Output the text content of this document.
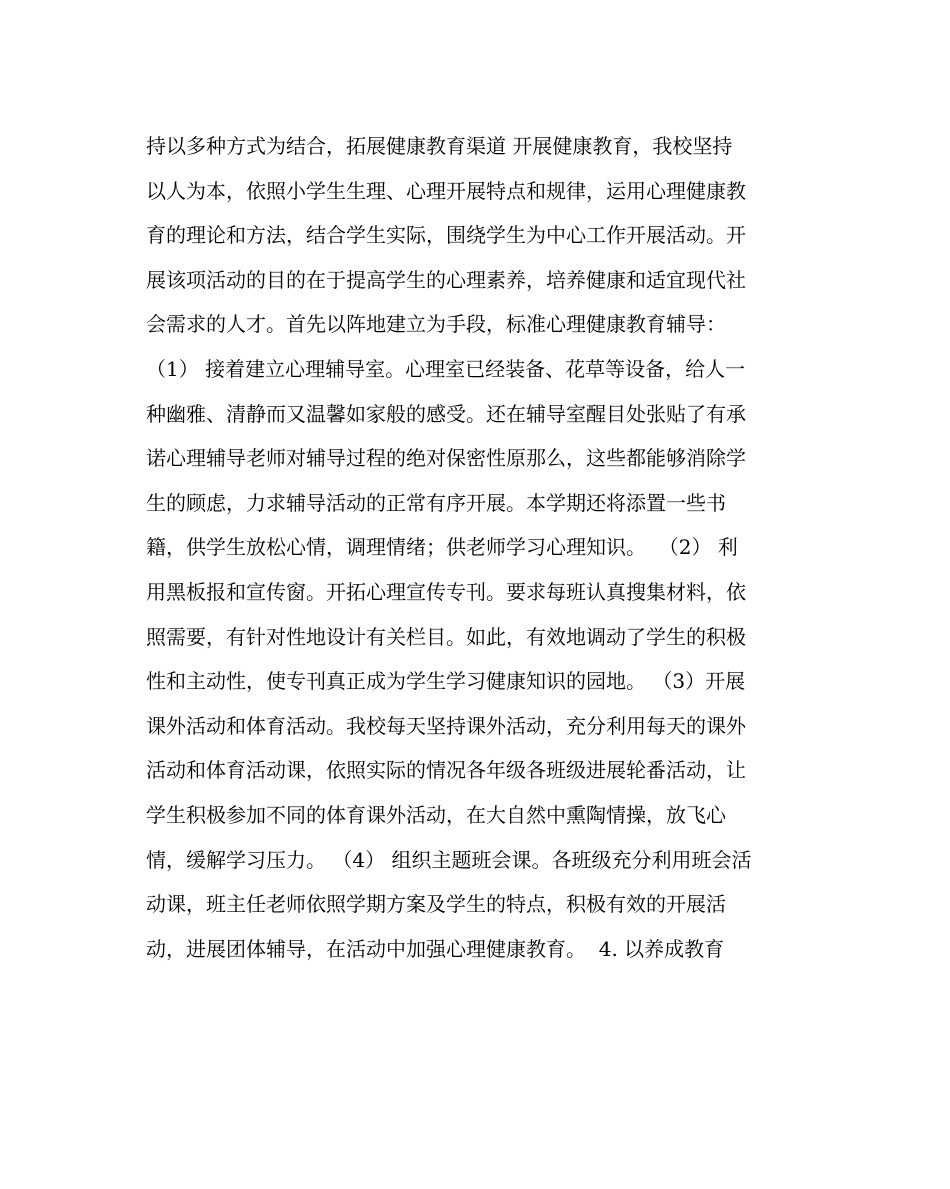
持以多种方式为结合，拓展健康教育渠道 开展健康教育，我校坚持
以人为本，依照小学生生理、心理开展特点和规律，运用心理健康教
育的理论和方法，结合学生实际，围绕学生为中心工作开展活动。开
展该项活动的目的在于提高学生的心理素养，培养健康和适宜现代社
会需求的人才。首先以阵地建立为手段，标准心理健康教育辅导：
（1） 接着建立心理辅导室。心理室已经装备、花草等设备，给人一
种幽雅、清静而又温馨如家般的感受。还在辅导室醒目处张贴了有承
诺心理辅导老师对辅导过程的绝对保密性原那么，这些都能够消除学
生的顾虑，力求辅导活动的正常有序开展。本学期还将添置一些书
籍，供学生放松心情，调理情绪；供老师学习心理知识。  （2） 利
用黑板报和宣传窗。开拓心理宣传专刊。要求每班认真搜集材料，依
照需要，有针对性地设计有关栏目。如此，有效地调动了学生的积极
性和主动性，使专刊真正成为学生学习健康知识的园地。 （3）开展
课外活动和体育活动。我校每天坚持课外活动，充分利用每天的课外
活动和体育活动课，依照实际的情况各年级各班级进展轮番活动，让
学生积极参加不同的体育课外活动，在大自然中熏陶情操，放飞心
情，缓解学习压力。 （4） 组织主题班会课。各班级充分利用班会活
动课，班主任老师依照学期方案及学生的特点，积极有效的开展活
动，进展团体辅导，在活动中加强心理健康教育。  4. 以养成教育
